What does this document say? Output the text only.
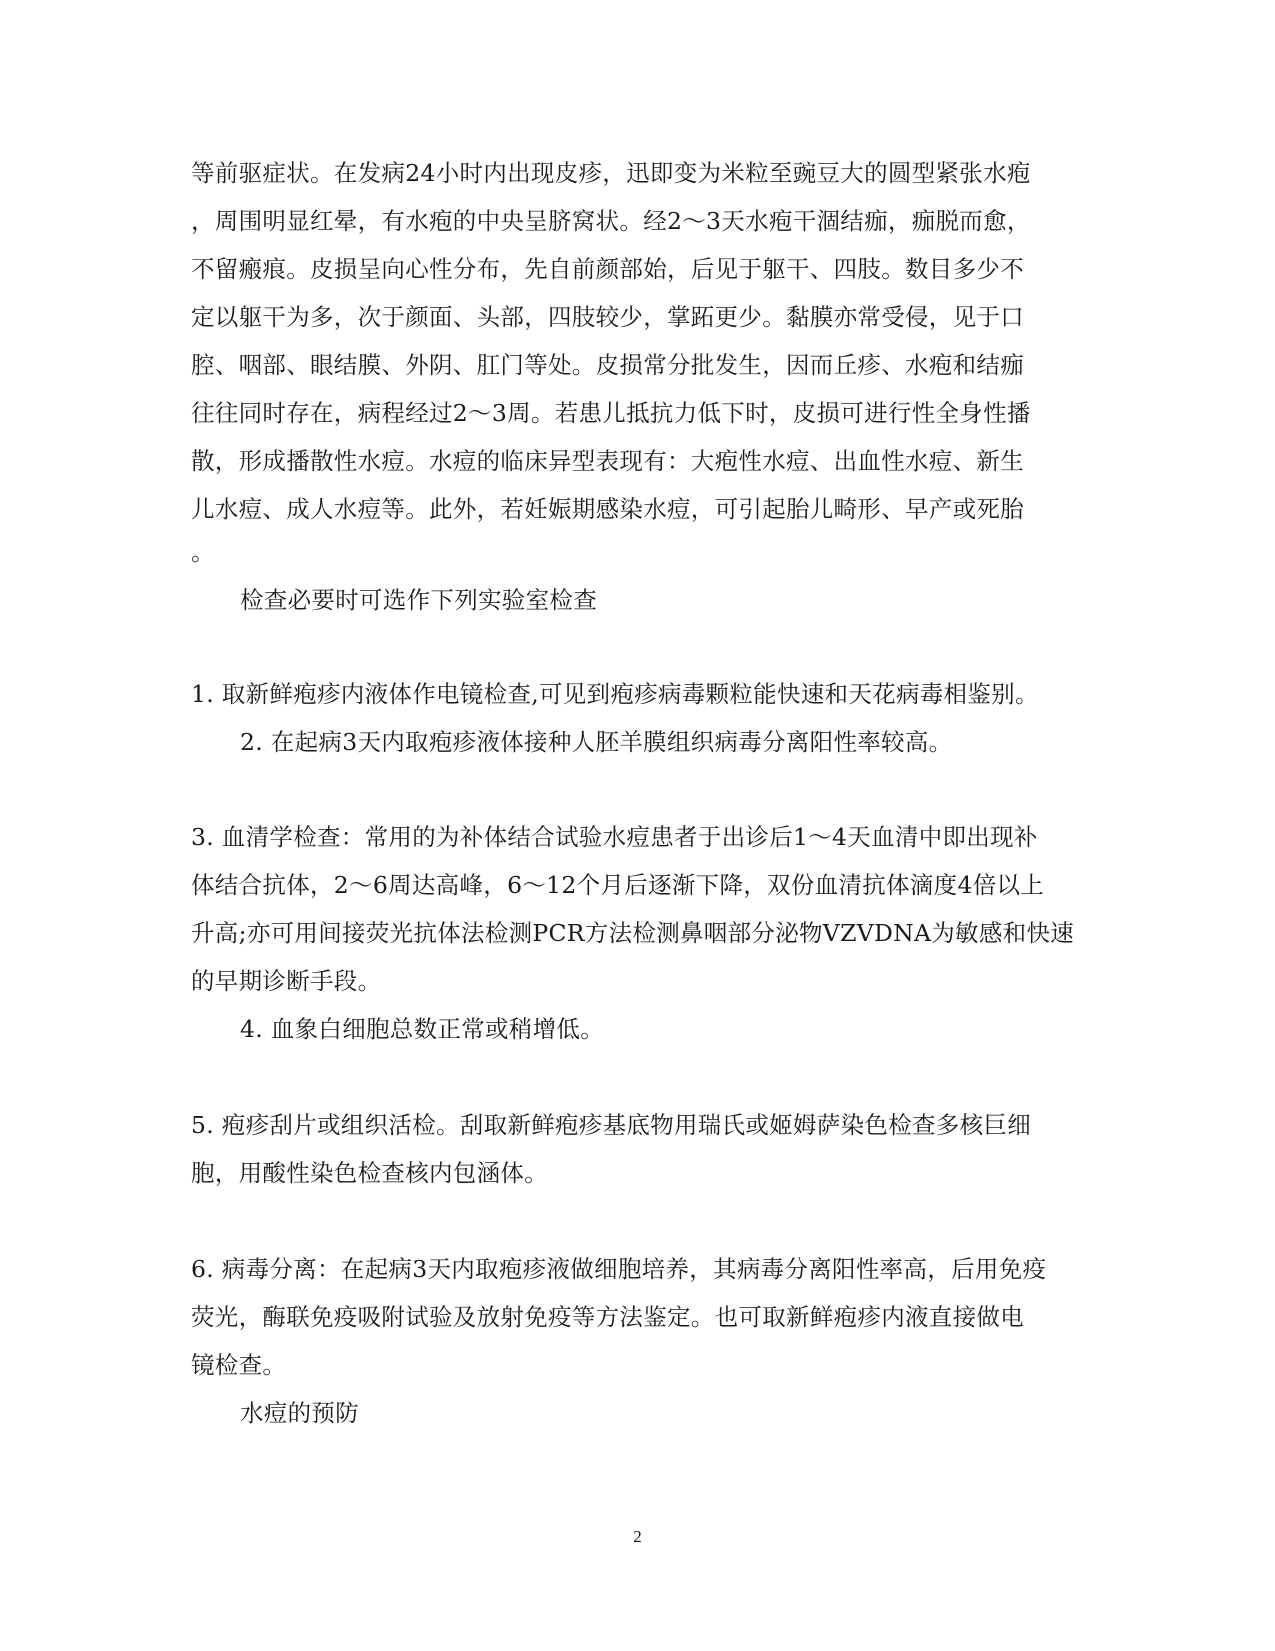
等前驱症状。在发病24小时内出现皮疹，迅即变为米粒至豌豆大的圆型紧张水疱
，周围明显红晕，有水疱的中央呈脐窝状。经2～3天水疱干涸结痂，痂脱而愈，
不留瘢痕。皮损呈向心性分布，先自前颜部始，后见于躯干、四肢。数目多少不
定以躯干为多，次于颜面、头部，四肢较少，掌跖更少。黏膜亦常受侵，见于口
腔、咽部、眼结膜、外阴、肛门等处。皮损常分批发生，因而丘疹、水疱和结痂
往往同时存在，病程经过2～3周。若患儿抵抗力低下时，皮损可进行性全身性播
散，形成播散性水痘。水痘的临床异型表现有：大疱性水痘、出血性水痘、新生
儿水痘、成人水痘等。此外，若妊娠期感染水痘，可引起胎儿畸形、早产或死胎
。
检查必要时可选作下列实验室检查
1. 取新鲜疱疹内液体作电镜检查,可见到疱疹病毒颗粒能快速和天花病毒相鉴别。
2. 在起病3天内取疱疹液体接种人胚羊膜组织病毒分离阳性率较高。
3. 血清学检查：常用的为补体结合试验水痘患者于出诊后1～4天血清中即出现补
体结合抗体，2～6周达高峰，6～12个月后逐渐下降，双份血清抗体滴度4倍以上
升高;亦可用间接荧光抗体法检测PCR方法检测鼻咽部分泌物VZVDNA为敏感和快速
的早期诊断手段。
4. 血象白细胞总数正常或稍增低。
5. 疱疹刮片或组织活检。刮取新鲜疱疹基底物用瑞氏或姬姆萨染色检查多核巨细
胞，用酸性染色检查核内包涵体。
6. 病毒分离：在起病3天内取疱疹液做细胞培养，其病毒分离阳性率高，后用免疫
荧光，酶联免疫吸附试验及放射免疫等方法鉴定。也可取新鲜疱疹内液直接做电
镜检查。
水痘的预防
2
